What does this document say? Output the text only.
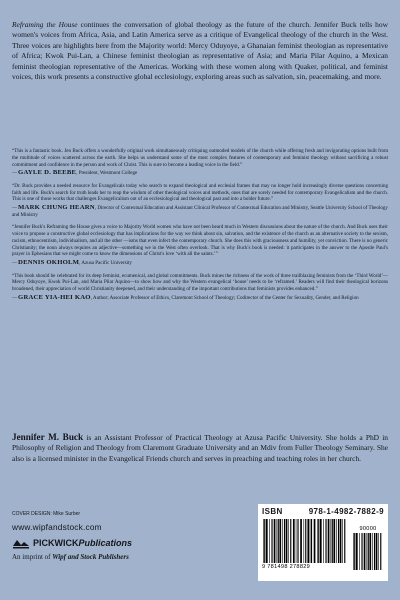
Reframing the House continues the conversation of global theology as the future of the church. Jennifer Buck tells how women's voices from Africa, Asia, and Latin America serve as a critique of Evangelical theology of the church in the West. Three voices are highlights here from the Majority world: Mercy Oduyoye, a Ghanaian feminist theologian as representative of Africa; Kwok Pui-Lan, a Chinese feminist theologian as representative of Asia; and Maria Pilar Aquino, a Mexican feminist theologian representative of the Americas. Working with these women along with Quaker, political, and feminist voices, this work presents a constructive global ecclesiology, exploring areas such as salvation, sin, peacemaking, and more.

“This is a fantastic book. Jen Buck offers a wonderfully original work simultaneously critiquing outmoded models of the church while offering fresh and invigorating options built from the multitude of voices scattered across the earth. She helps us understand some of the most complex features of contemporary and feminist theology without sacrificing a robust commitment and confidence in the person and work of Christ. This is sure to become a leading voice in the field.”

—GAYLE D. BEEBE, President, Westmont College

“Dr. Buck provides a needed resource for Evangelicals today who search to expand theological and ecclesial frames that may no longer hold increasingly diverse questions concerning faith and life. Buck's search for truth leads her to reap the wisdom of other theological voices and methods, ones that are sorely needed for contemporary Evangelicalism and the church. This is one of those works that challenges Evangelicalism out of an ecclesiological and theological past and into a bolder future.”

—MARK CHUNG HEARN, Director of Contextual Education and Assistant Clinical Professor of Contextual Education and Ministry, Seattle University School of Theology and Ministry

“Jennifer Buck's Reframing the House gives a voice to Majority World women who have not been heard much in Western discussions about the nature of the church. And Buck uses their voice to propose a constructive global ecclesiology that has implications for the way we think about sin, salvation, and the existence of the church as an alternative society to the sexism, racism, ethnocentrism, individualism, and all the other —isms that even infect the contemporary church. She does this with graciousness and humility, yet conviction. There is no generic Christianity; the noun always requires an adjective—something we in the West often overlook. That is why Buck's book is needed: it participates in the answer to the Apostle Paul's prayer in Ephesians that we might come to know the dimensions of Christ's love ‘with all the saints.’”

—DENNIS OKHOLM, Azusa Pacific University

“This book should be celebrated for its deep feminist, ecumenical, and global commitments. Buck mines the richness of the work of three trailblazing feminists from the ‘Third World’—Mercy Oduyoye, Kwok Pui-Lan, and Maria Pilar Aquino—to show how and why the Western evangelical ‘house’ needs to be ‘reframed.’ Readers will find their theological horizons broadened, their appreciation of world Christianity deepened, and their understanding of the important contributions that feminists provides enhanced.”

—GRACE YIA-HEI KAO, Author; Associate Professor of Ethics, Claremont School of Theology; Codirector of the Center for Sexuality, Gender, and Religion

Jennifer M. Buck is an Assistant Professor of Practical Theology at Azusa Pacific University. She holds a PhD in Philosophy of Religion and Theology from Claremont Graduate University and an Mdiv from Fuller Theology Seminary. She also is a licensed minister in the Evangelical Friends church and serves in preaching and teaching roles in her church.

COVER DESIGN: Mike Surber
www.wipfandstock.com
PICKWICK Publications
An imprint of Wipf and Stock Publishers
ISBN	978-1-4982-7882-9
9 781498 278829
90000
